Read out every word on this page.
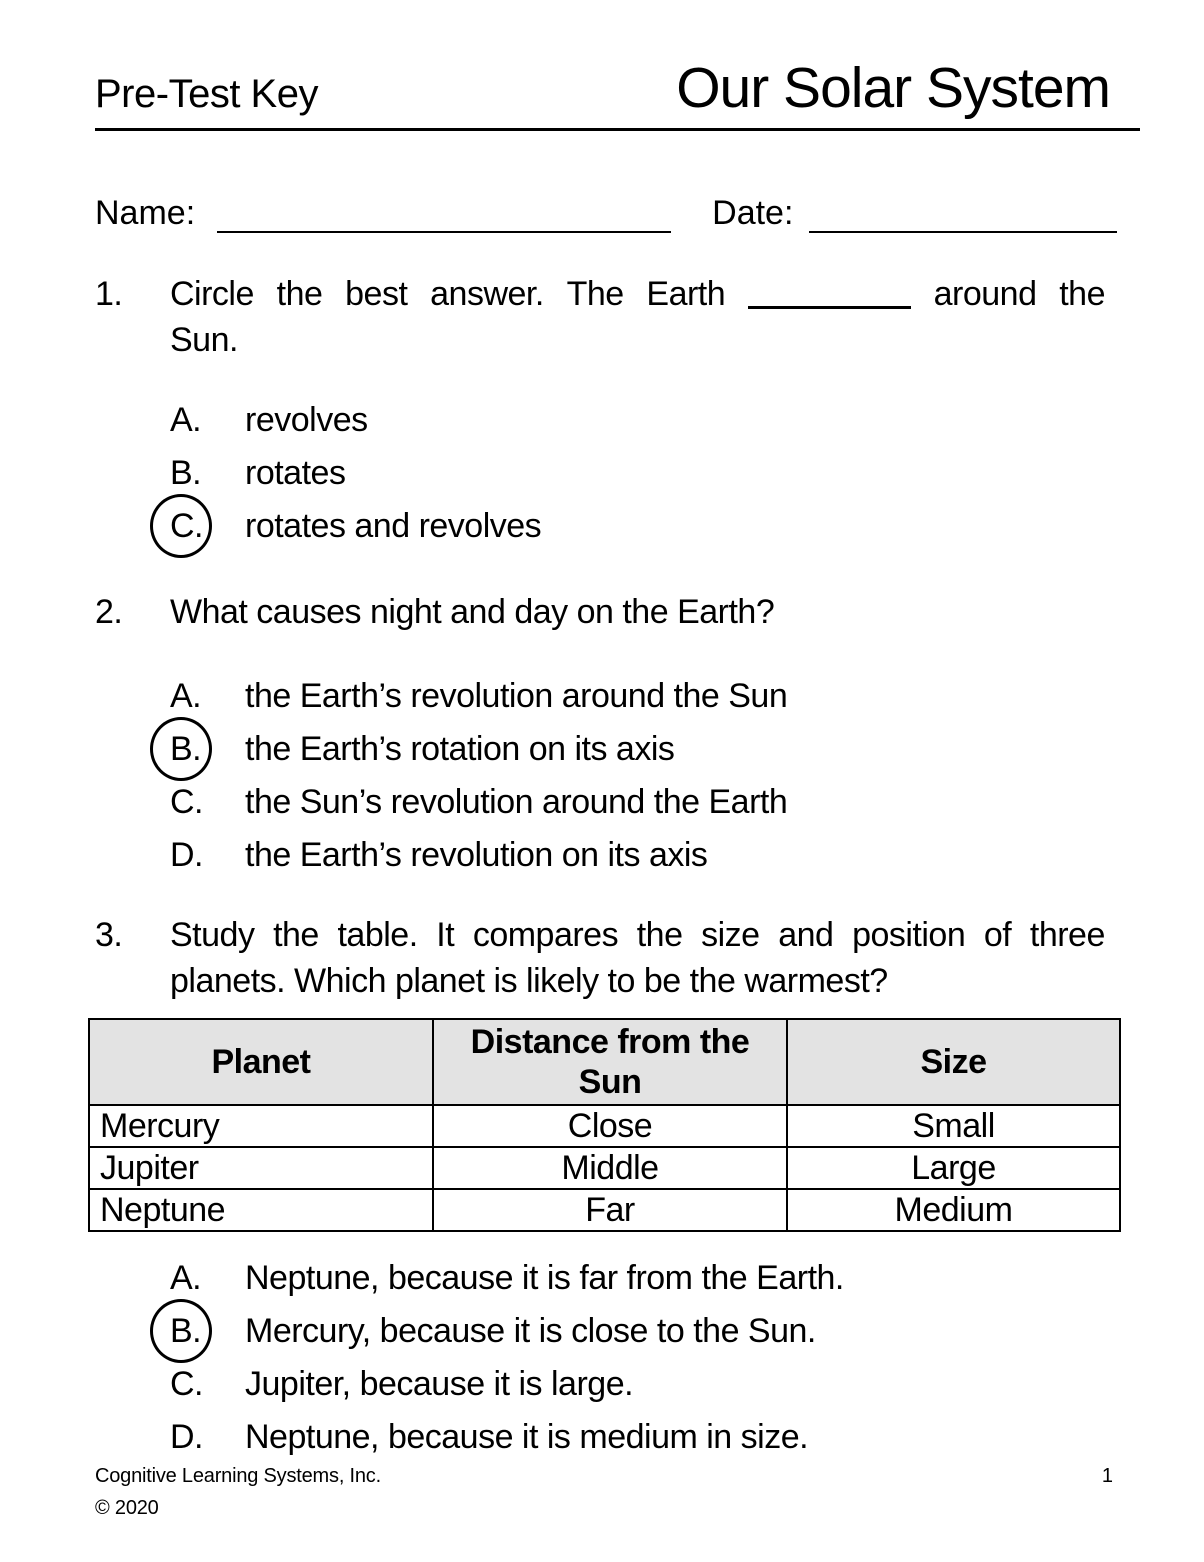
Pre-Test Key	Our Solar System
Name:	Date:
1.	Circle the best answer. The Earth	around the
Sun.
A.	revolves
B.	rotates
C.	rotates and revolves
2.	What causes night and day on the Earth?
A.	the Earth’s revolution around the Sun
B.	the Earth’s rotation on its axis
C.	the Sun’s revolution around the Earth
D.	the Earth’s revolution on its axis
3.	Study the table. It compares the size and position of three
planets. Which planet is likely to be the warmest?
Planet	Distance from the Sun	Size
Mercury	Close	Small
Jupiter	Middle	Large
Neptune	Far	Medium
A.	Neptune, because it is far from the Earth.
B.	Mercury, because it is close to the Sun.
C.	Jupiter, because it is large.
D.	Neptune, because it is medium in size.
Cognitive Learning Systems, Inc.
© 2020
1
